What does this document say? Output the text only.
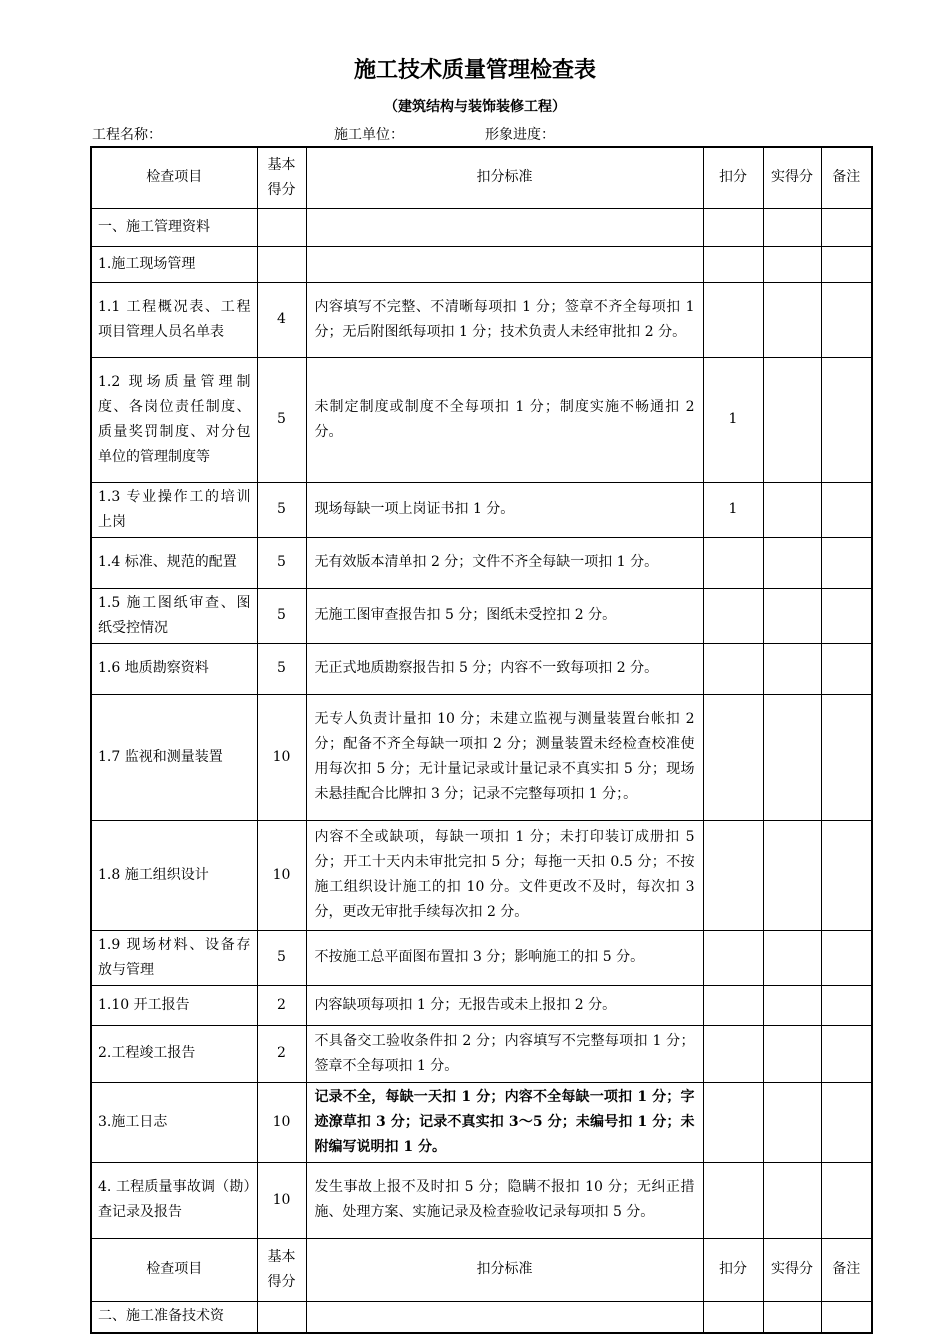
施工技术质量管理检查表
（建筑结构与装饰装修工程）
工程名称：	施工单位：	形象进度：
检查项目	基本得分	扣分标准	扣分	实得分	备注
一、施工管理资料					
1.施工现场管理					
1.1 工程概况表、工程项目管理人员名单表	4	内容填写不完整、不清晰每项扣 1 分；签章不齐全每项扣 1 分；无后附图纸每项扣 1 分；技术负责人未经审批扣 2 分。			
1.2 现场质量管理制度、各岗位责任制度、质量奖罚制度、对分包单位的管理制度等	5	未制定制度或制度不全每项扣 1 分；制度实施不畅通扣 2 分。	1		
1.3 专业操作工的培训上岗	5	现场每缺一项上岗证书扣 1 分。	1		
1.4 标准、规范的配置	5	无有效版本清单扣 2 分；文件不齐全每缺一项扣 1 分。			
1.5 施工图纸审查、图纸受控情况	5	无施工图审查报告扣 5 分；图纸未受控扣 2 分。			
1.6 地质勘察资料	5	无正式地质勘察报告扣 5 分；内容不一致每项扣 2 分。			
1.7 监视和测量装置	10	无专人负责计量扣 10 分；未建立监视与测量装置台帐扣 2 分；配备不齐全每缺一项扣 2 分；测量装置未经检查校准使用每次扣 5 分；无计量记录或计量记录不真实扣 5 分；现场未悬挂配合比牌扣 3 分；记录不完整每项扣 1 分；。			
1.8 施工组织设计	10	内容不全或缺项，每缺一项扣 1 分；未打印装订成册扣 5 分；开工十天内未审批完扣 5 分；每拖一天扣 0.5 分；不按施工组织设计施工的扣 10 分。文件更改不及时，每次扣 3 分，更改无审批手续每次扣 2 分。			
1.9 现场材料、设备存放与管理	5	不按施工总平面图布置扣 3 分；影响施工的扣 5 分。			
1.10 开工报告	2	内容缺项每项扣 1 分；无报告或未上报扣 2 分。			
2.工程竣工报告	2	不具备交工验收条件扣 2 分；内容填写不完整每项扣 1 分；签章不全每项扣 1 分。			
3.施工日志	10	记录不全，每缺一天扣 1 分；内容不全每缺一项扣 1 分；字迹潦草扣 3 分；记录不真实扣 3～5 分；未编号扣 1 分；未附编写说明扣 1 分。			
4. 工程质量事故调（勘）查记录及报告	10	发生事故上报不及时扣 5 分；隐瞒不报扣 10 分；无纠正措施、处理方案、实施记录及检查验收记录每项扣 5 分。			
检查项目	基本得分	扣分标准	扣分	实得分	备注
二、施工准备技术资					
